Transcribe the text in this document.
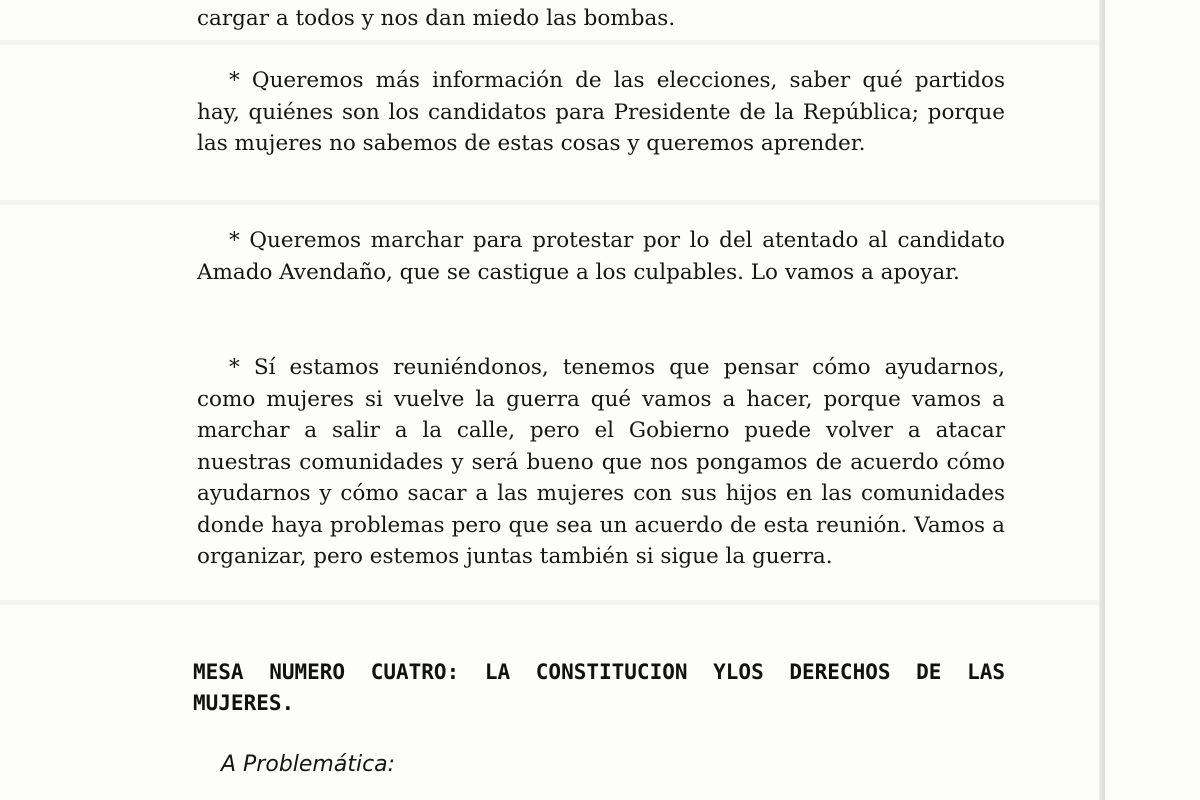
cargar a todos y nos dan miedo las bombas.

* Queremos más información de las elecciones, saber qué partidos hay, quiénes son los candidatos para Presidente de la República; porque las mujeres no sabemos de estas cosas y queremos aprender.

* Queremos marchar para protestar por lo del atentado al candidato Amado Avendaño, que se castigue a los culpables. Lo vamos a apoyar.

* Sí estamos reuniéndonos, tenemos que pensar cómo ayudarnos, como mujeres si vuelve la guerra qué vamos a hacer, porque vamos a marchar a salir a la calle, pero el Gobierno puede volver a atacar nuestras comunidades y será bueno que nos pongamos de acuerdo cómo ayudarnos y cómo sacar a las mujeres con sus hijos en las comunidades donde haya problemas pero que sea un acuerdo de esta reunión. Vamos a organizar, pero estemos juntas también si sigue la guerra.

MESA NUMERO CUATRO: LA CONSTITUCION YLOS DERECHOS DE LAS MUJERES.

A Problemática:
